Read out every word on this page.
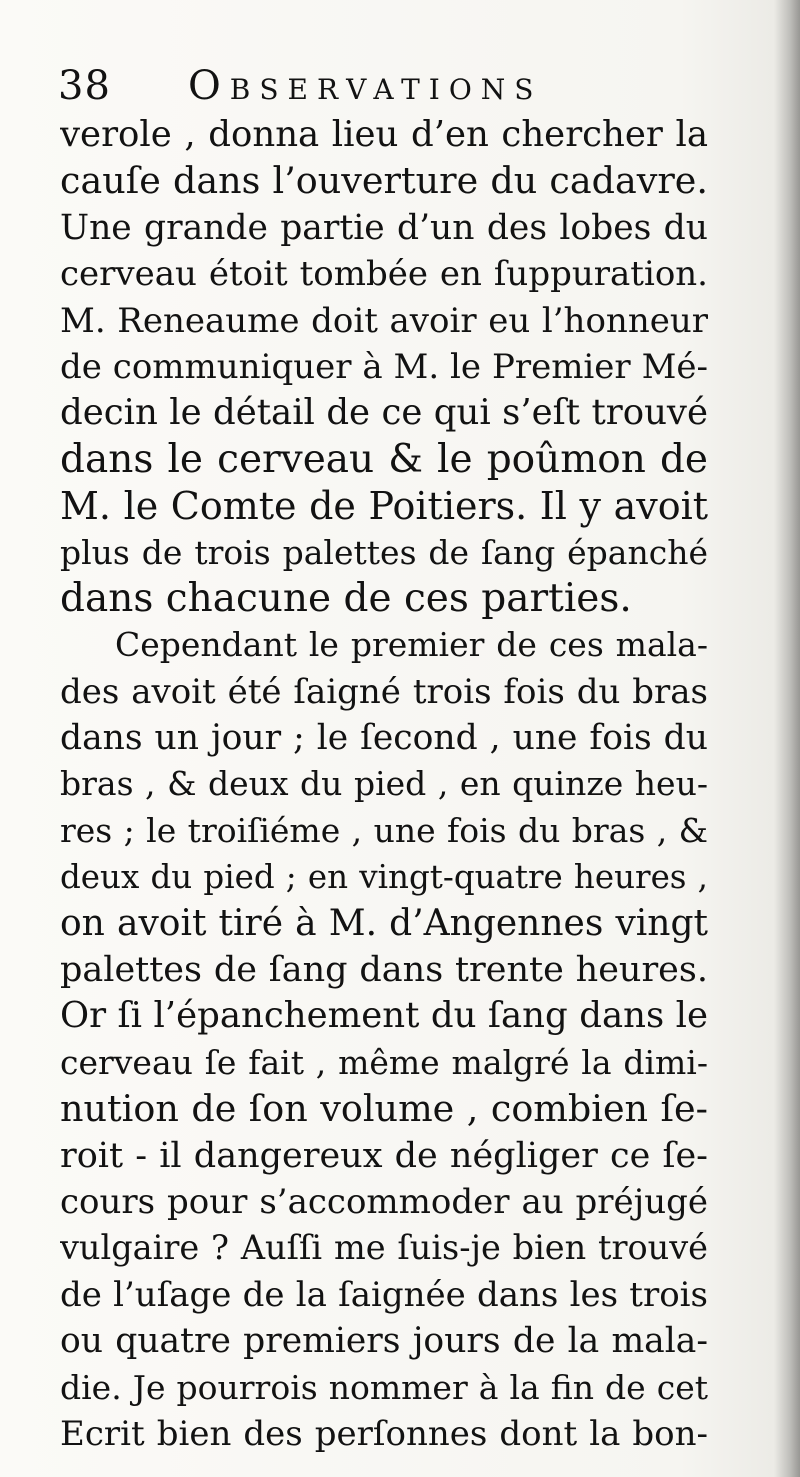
38 Observations
verole , donna lieu d’en chercher la
cauſe dans l’ouverture du cadavre.
Une grande partie d’un des lobes du
cerveau étoit tombée en ſuppuration.
M. Reneaume doit avoir eu l’honneur
de communiquer à M. le Premier Mé-
decin le détail de ce qui s’eſt trouvé
dans le cerveau & le poûmon de
M. le Comte de Poitiers. Il y avoit
plus de trois palettes de ſang épanché
dans chacune de ces parties.
Cependant le premier de ces mala-
des avoit été ſaigné trois fois du bras
dans un jour ; le ſecond , une fois du
bras , & deux du pied , en quinze heu-
res ; le troiſiéme , une fois du bras , &
deux du pied ; en vingt-quatre heures ,
on avoit tiré à M. d’Angennes vingt
palettes de ſang dans trente heures.
Or ſi l’épanchement du ſang dans le
cerveau ſe fait , même malgré la dimi-
nution de ſon volume , combien ſe-
roit - il dangereux de négliger ce ſe-
cours pour s’accommoder au préjugé
vulgaire ? Auſſi me ſuis-je bien trouvé
de l’uſage de la ſaignée dans les trois
ou quatre premiers jours de la mala-
die. Je pourrois nommer à la fin de cet
Ecrit bien des perſonnes dont la bon-
